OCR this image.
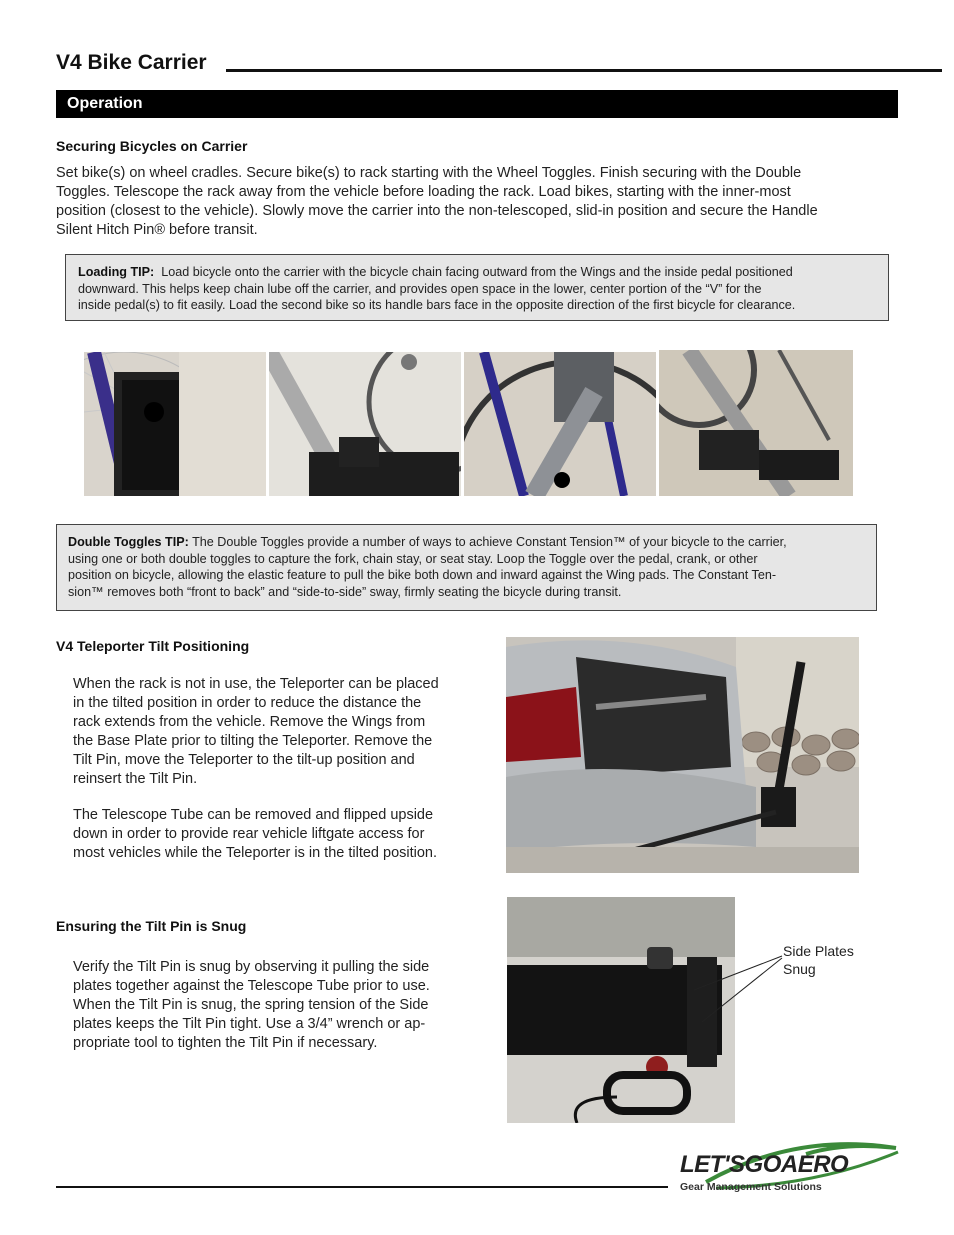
V4 Bike Carrier
Operation
Securing Bicycles on Carrier
Set bike(s) on wheel cradles. Secure bike(s) to rack starting with the Wheel Toggles. Finish securing with the Double
Toggles. Telescope the rack away from the vehicle before loading the rack. Load bikes, starting with the inner-most
position (closest to the vehicle). Slowly move the carrier into the non-telescoped, slid-in position and secure the Handle
Silent Hitch Pin® before transit.
Loading TIP:  Load bicycle onto the carrier with the bicycle chain facing outward from the Wings and the inside pedal positioned
downward. This helps keep chain lube off the carrier, and provides open space in the lower, center portion of the “V” for the
inside pedal(s) to fit easily. Load the second bike so its handle bars face in the opposite direction of the first bicycle for clearance.
Double Toggles TIP: The Double Toggles provide a number of ways to achieve Constant Tension™ of your bicycle to the carrier,
using one or both double toggles to capture the fork, chain stay, or seat stay. Loop the Toggle over the pedal, crank, or other
position on bicycle, allowing the elastic feature to pull the bike both down and inward against the Wing pads. The Constant Ten-
sion™ removes both “front to back” and “side-to-side” sway, firmly seating the bicycle during transit.
V4 Teleporter Tilt Positioning
When the rack is not in use, the Teleporter can be placed
in the tilted position in order to reduce the distance the
rack extends from the vehicle. Remove the Wings from
the Base Plate prior to tilting the Teleporter. Remove the
Tilt Pin, move the Teleporter to the tilt-up position and
reinsert the Tilt Pin.
The Telescope Tube can be removed and flipped upside
down in order to provide rear vehicle liftgate access for
most vehicles while the Teleporter is in the tilted position.
Ensuring the Tilt Pin is Snug
Verify the Tilt Pin is snug by observing it pulling the side
plates together against the Telescope Tube prior to use.
When the Tilt Pin is snug, the spring tension of the Side
plates keeps the Tilt Pin tight. Use a 3/4” wrench or ap-
propriate tool to tighten the Tilt Pin if necessary.
Side Plates
Snug
LET'SGOAERO
Gear Management Solutions
